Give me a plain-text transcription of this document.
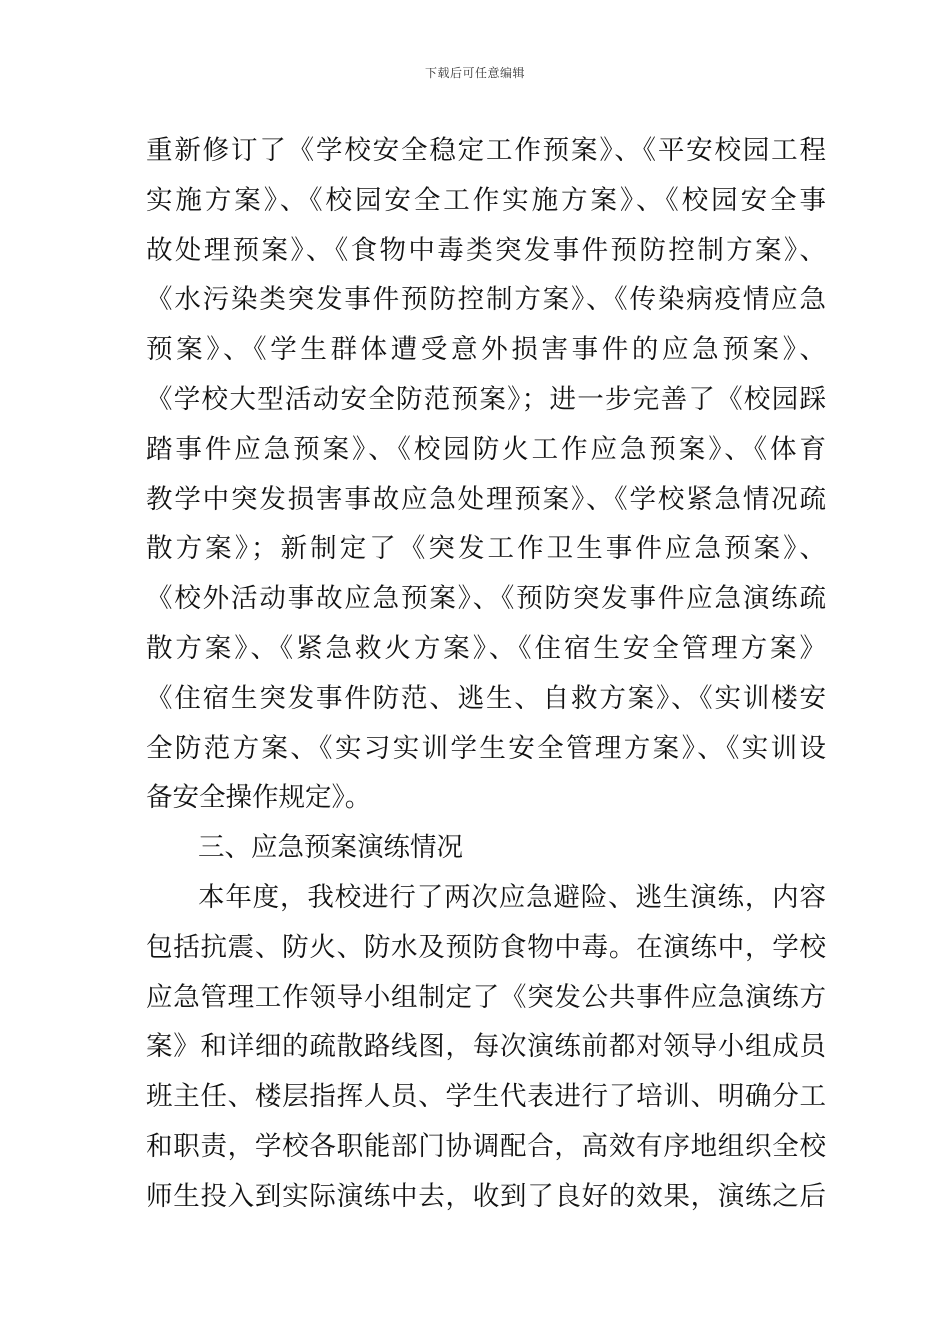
下载后可任意编辑
重新修订了《学校安全稳定工作预案》、《平安校园工程
实施方案》、《校园安全工作实施方案》、《校园安全事
故处理预案》、《食物中毒类突发事件预防控制方案》、
《水污染类突发事件预防控制方案》、《传染病疫情应急
预案》、《学生群体遭受意外损害事件的应急预案》、
《学校大型活动安全防范预案》；进一步完善了《校园踩
踏事件应急预案》、《校园防火工作应急预案》、《体育
教学中突发损害事故应急处理预案》、《学校紧急情况疏
散方案》；新制定了《突发工作卫生事件应急预案》、
《校外活动事故应急预案》、《预防突发事件应急演练疏
散方案》、《紧急救火方案》、《住宿生安全管理方案》
《住宿生突发事件防范、逃生、自救方案》、《实训楼安
全防范方案、《实习实训学生安全管理方案》、《实训设
备安全操作规定》。
三、应急预案演练情况
本年度，我校进行了两次应急避险、逃生演练，内容
包括抗震、防火、防水及预防食物中毒。在演练中，学校
应急管理工作领导小组制定了《突发公共事件应急演练方
案》和详细的疏散路线图，每次演练前都对领导小组成员
班主任、楼层指挥人员、学生代表进行了培训、明确分工
和职责，学校各职能部门协调配合，高效有序地组织全校
师生投入到实际演练中去，收到了良好的效果，演练之后
